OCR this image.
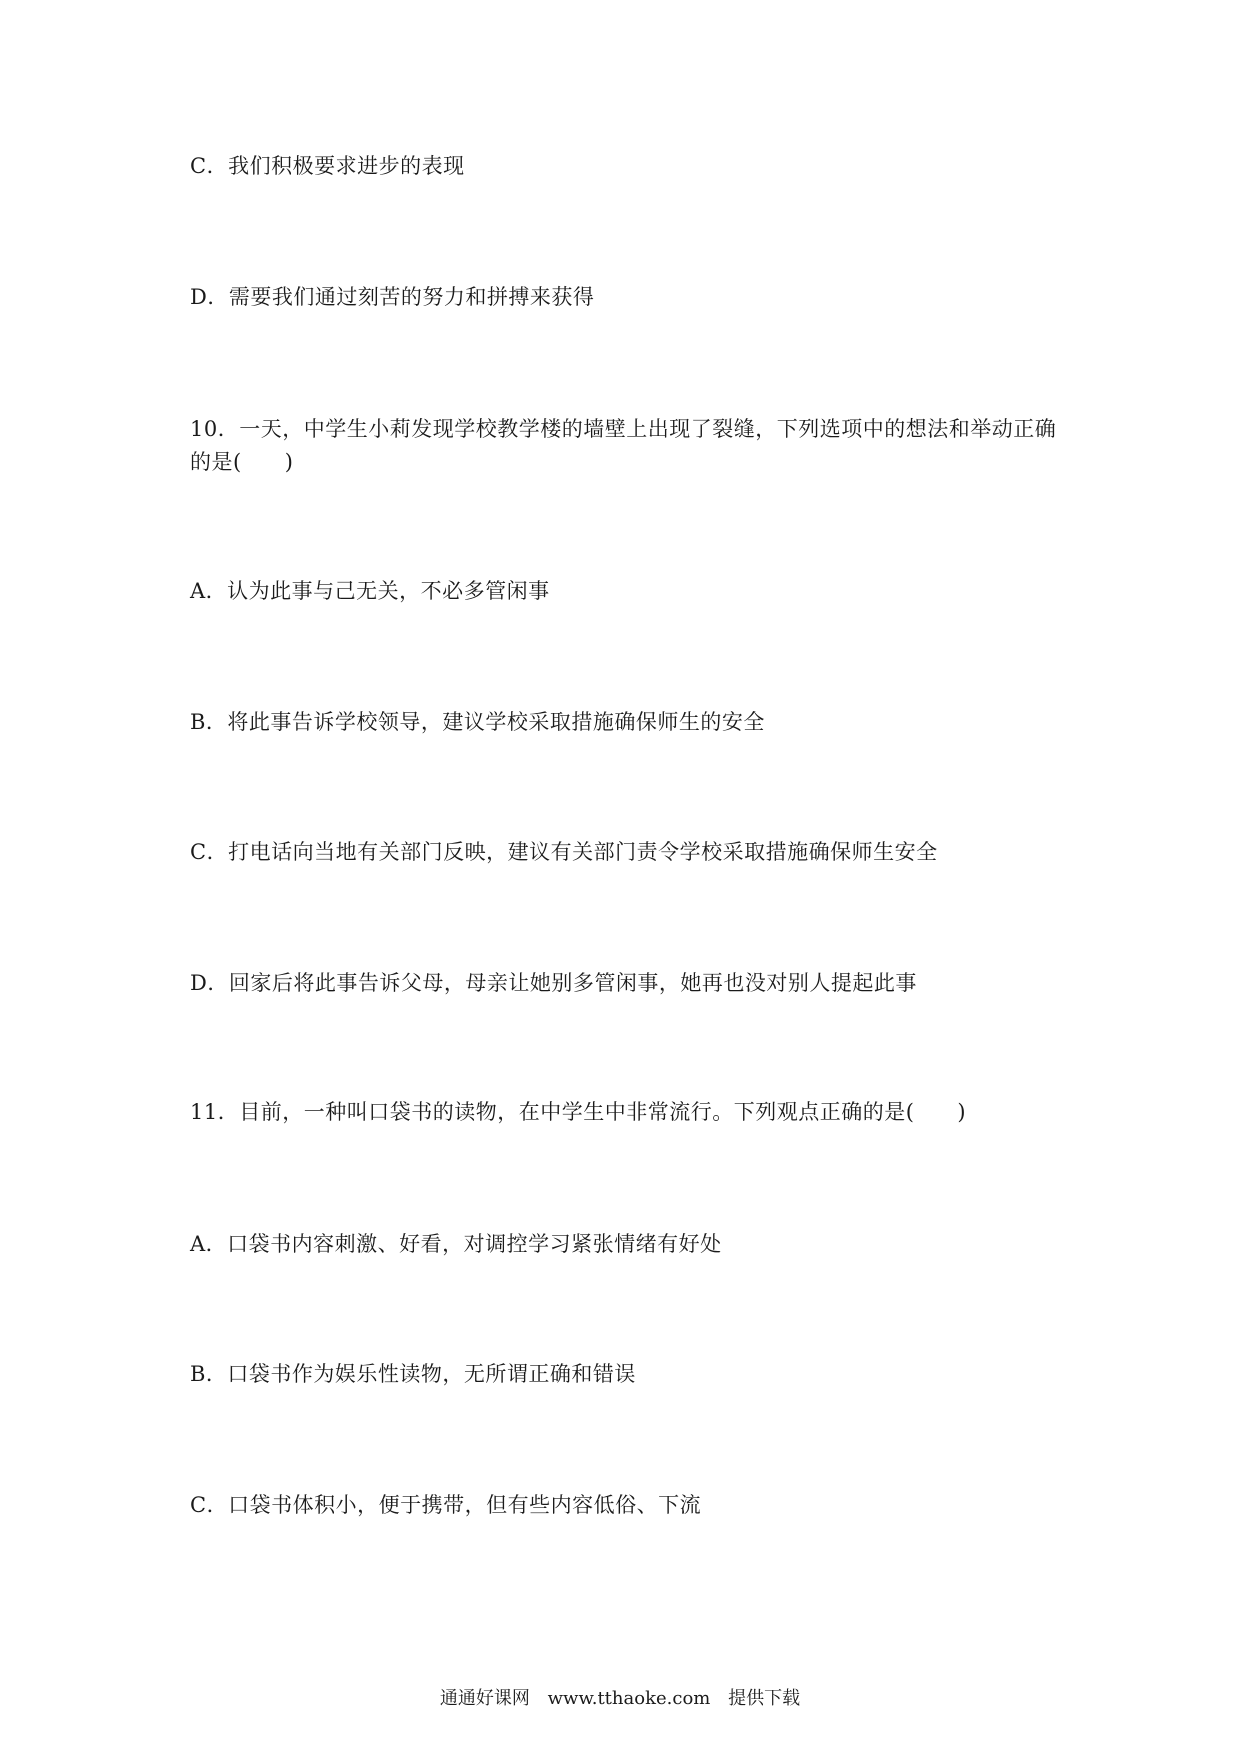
C．我们积极要求进步的表现
D．需要我们通过刻苦的努力和拼搏来获得
10．一天，中学生小莉发现学校教学楼的墙壁上出现了裂缝，下列选项中的想法和举动正确
的是(　　)
A．认为此事与己无关，不必多管闲事
B．将此事告诉学校领导，建议学校采取措施确保师生的安全
C．打电话向当地有关部门反映，建议有关部门责令学校采取措施确保师生安全
D．回家后将此事告诉父母，母亲让她别多管闲事，她再也没对别人提起此事
11．目前，一种叫口袋书的读物，在中学生中非常流行。下列观点正确的是(　　)
A．口袋书内容刺激、好看，对调控学习紧张情绪有好处
B．口袋书作为娱乐性读物，无所谓正确和错误
C．口袋书体积小，便于携带，但有些内容低俗、下流
通通好课网 www.tthaoke.com 提供下载
